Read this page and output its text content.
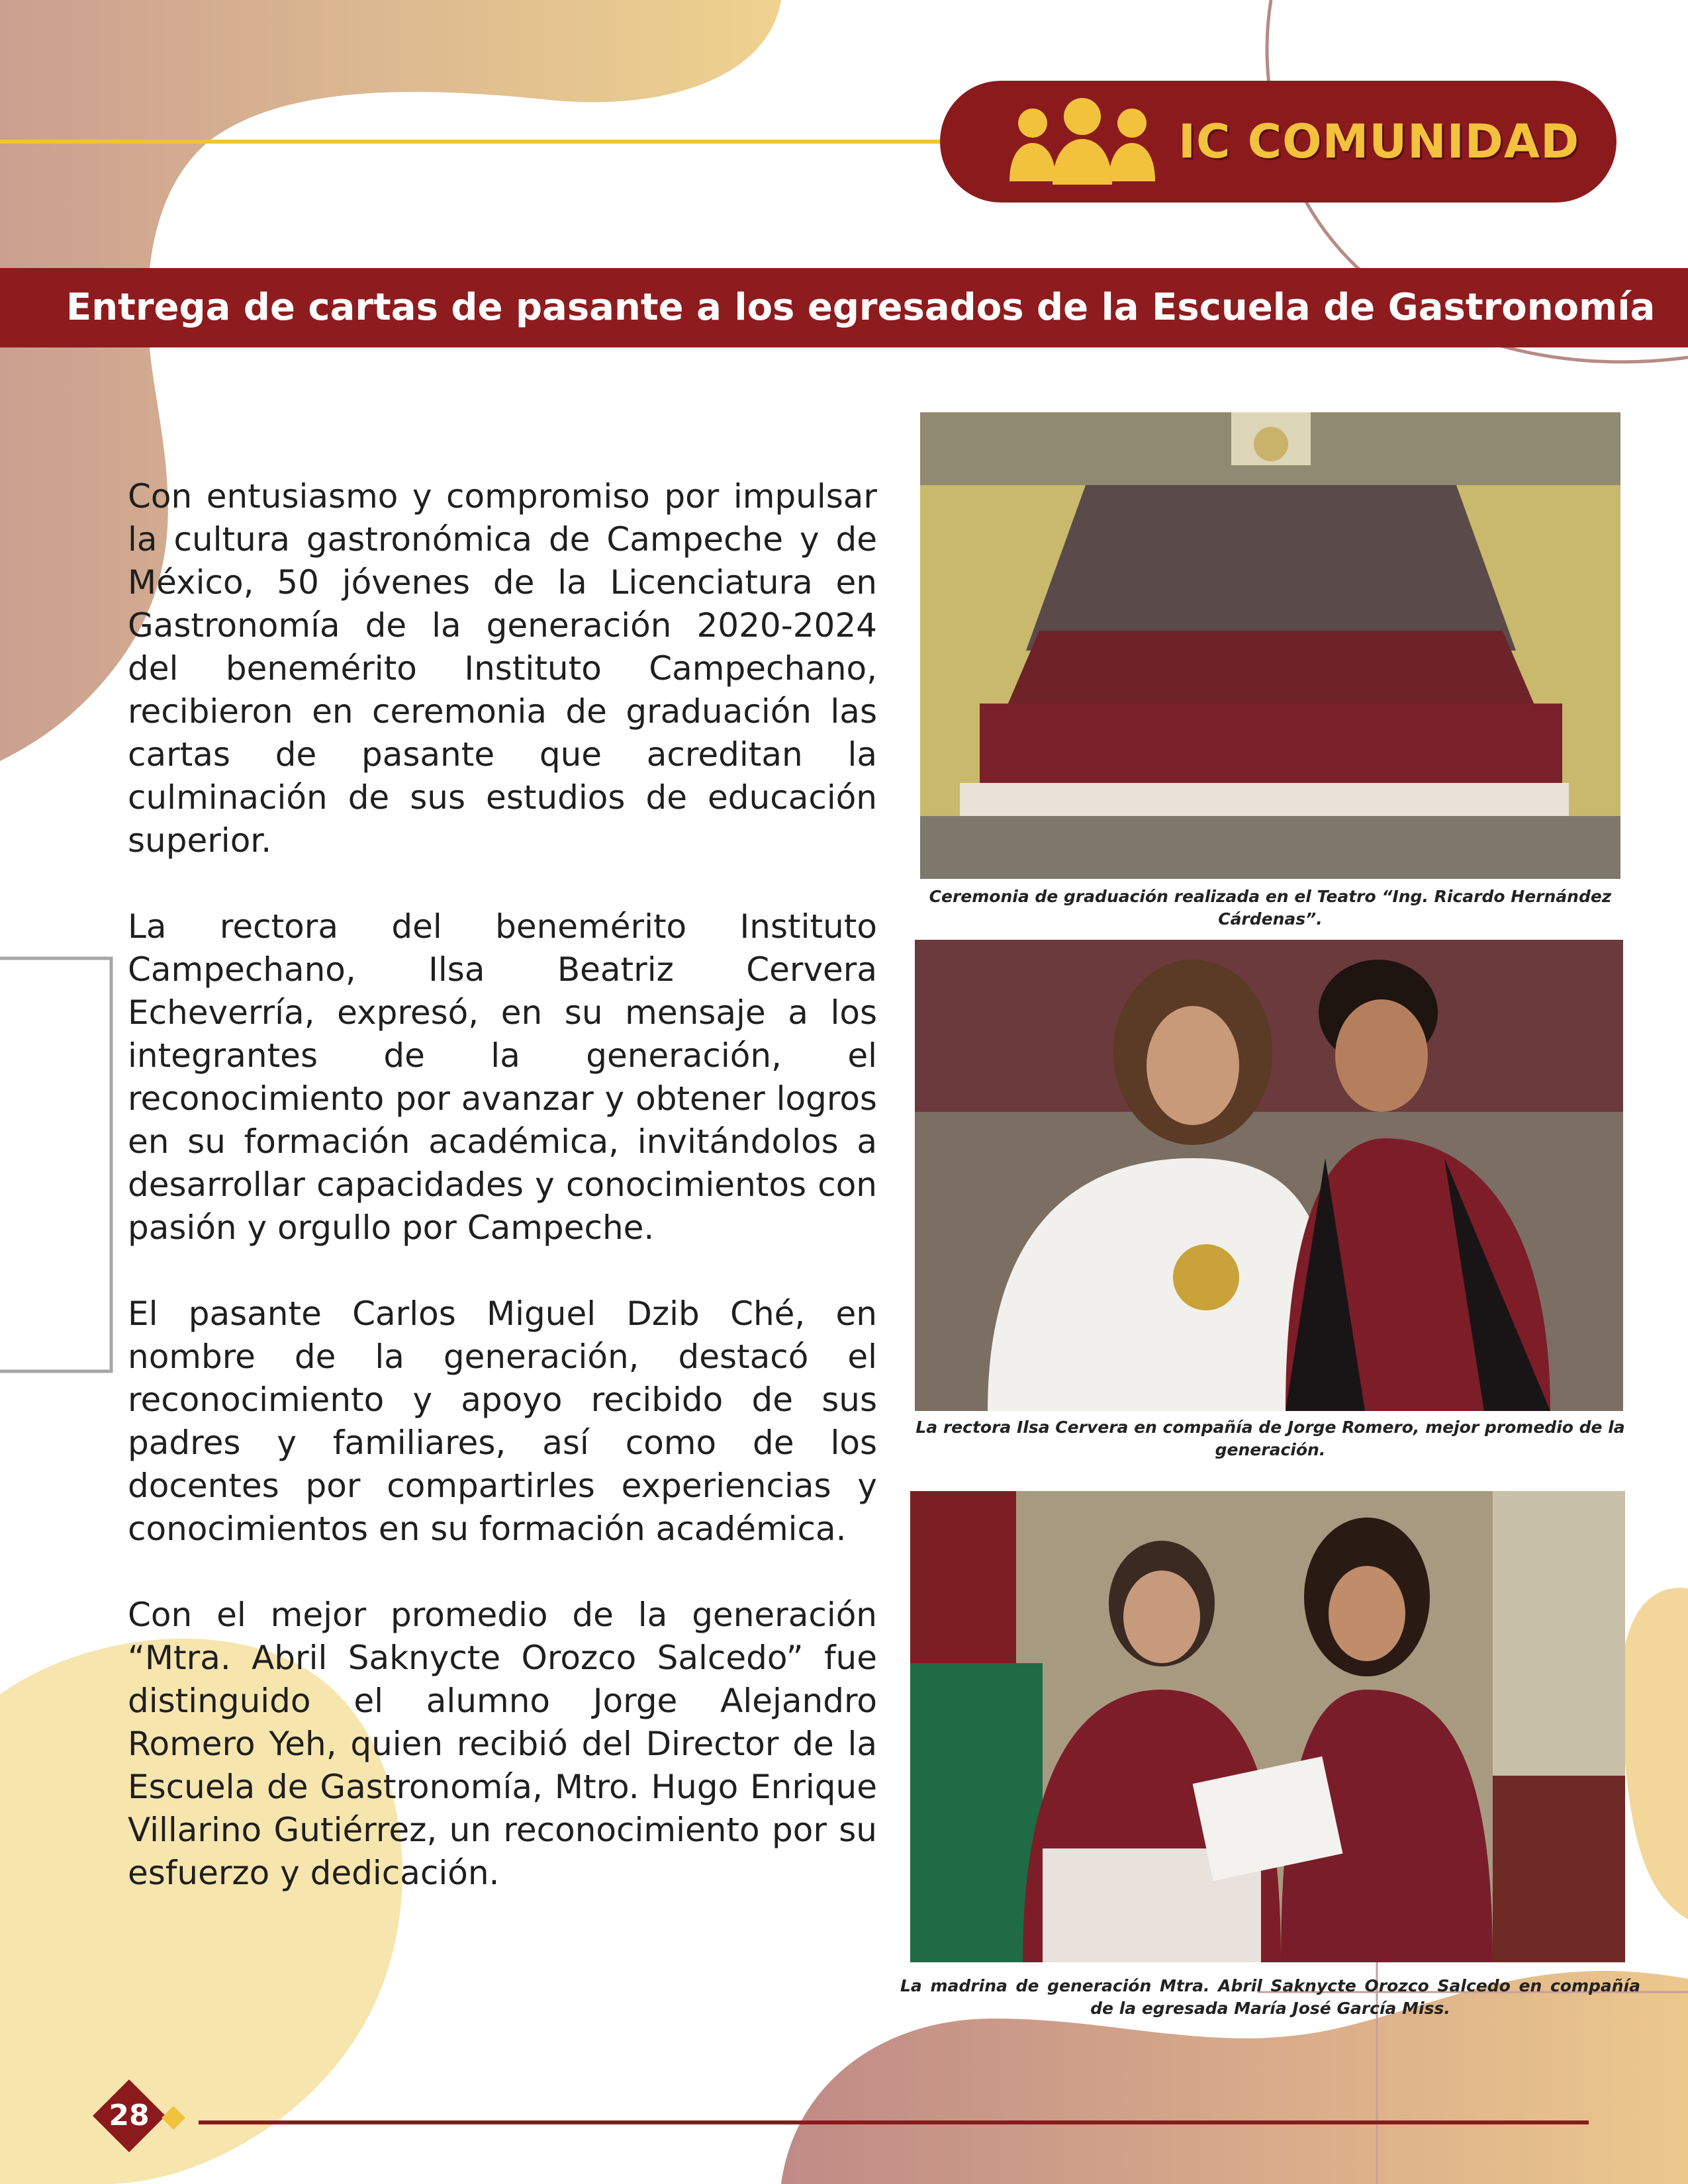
IC COMUNIDAD
Entrega de cartas de pasante a los egresados de la Escuela de Gastronomía

Con entusiasmo y compromiso por impulsar la cultura gastronómica de Campeche y de México, 50 jóvenes de la Licenciatura en Gastronomía de la generación 2020-2024 del benemérito Instituto Campechano, recibieron en ceremonia de graduación las cartas de pasante que acreditan la culminación de sus estudios de educación superior.

La rectora del benemérito Instituto Campechano, Ilsa Beatriz Cervera Echeverría, expresó, en su mensaje a los integrantes de la generación, el reconocimiento por avanzar y obtener logros en su formación académica, invitándolos a desarrollar capacidades y conocimientos con pasión y orgullo por Campeche.

El pasante Carlos Miguel Dzib Ché, en nombre de la generación, destacó el reconocimiento y apoyo recibido de sus padres y familiares, así como de los docentes por compartirles experiencias y conocimientos en su formación académica.

Con el mejor promedio de la generación “Mtra. Abril Saknycte Orozco Salcedo” fue distinguido el alumno Jorge Alejandro Romero Yeh, quien recibió del Director de la Escuela de Gastronomía, Mtro. Hugo Enrique Villarino Gutiérrez, un reconocimiento por su esfuerzo y dedicación.

Ceremonia de graduación realizada en el Teatro “Ing. Ricardo Hernández Cárdenas”.
La rectora Ilsa Cervera en compañía de Jorge Romero, mejor promedio de la generación.
La madrina de generación Mtra. Abril Saknycte Orozco Salcedo en compañía de la egresada María José García Miss.
28
